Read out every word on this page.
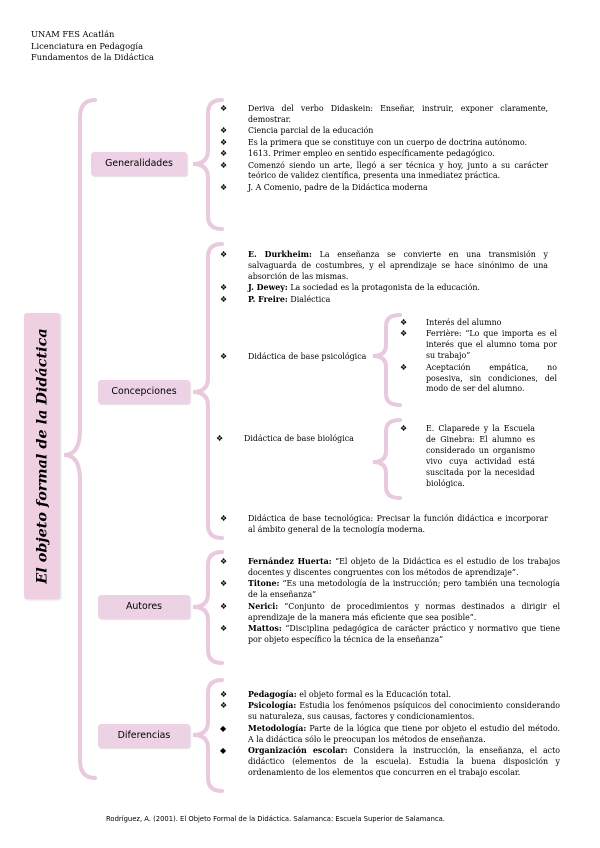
UNAM FES Acatlán
Licenciatura en Pedagogía
Fundamentos de la Didáctica
El objeto formal de la Didáctica
Generalidades
Concepciones
Autores
Diferencias
❖	Deriva del verbo Didaskein: Enseñar, instruir, exponer claramente, demostrar.
❖	Ciencia parcial de la educación
❖	Es la primera que se constituye con un cuerpo de doctrina autónomo.
❖	1613. Primer empleo en sentido específicamente pedagógico.
❖	Comenzó siendo un arte, llegó a ser técnica y hoy, junto a su carácter teórico de validez científica, presenta una inmediatez práctica.
❖	J. A Comenio, padre de la Didáctica moderna
❖	E. Durkheim: La enseñanza se convierte en una transmisión y salvaguarda de costumbres, y el aprendizaje se hace sinónimo de una absorción de las mismas.
❖	J. Dewey: La sociedad es la protagonista de la educación.
❖	P. Freire: Dialéctica
❖	Didáctica de base psicológica
❖ Interés del alumno
❖ Ferrière: “Lo que importa es el interés que el alumno toma por su trabajo”
❖ Aceptación empática, no posesiva, sin condiciones, del modo de ser del alumno.
❖	Didáctica de base biológica
❖ E. Claparede y la Escuela de Ginebra: El alumno es considerado un organismo vivo cuya actividad está suscitada por la necesidad biológica.
❖	Didáctica de base tecnológica: Precisar la función didáctica e incorporar al ámbito general de la tecnología moderna.
❖	Fernández Huerta: “El objeto de la Didáctica es el estudio de los trabajos docentes y discentes congruentes con los métodos de aprendizaje”.
❖	Titone: “Es una metodología de la instrucción; pero también una tecnología de la enseñanza”
❖	Nerici: “Conjunto de procedimientos y normas destinados a dirigir el aprendizaje de la manera más eficiente que sea posible”.
❖	Mattos: “Disciplina pedagógica de carácter práctico y normativo que tiene por objeto específico la técnica de la enseñanza”
❖	Pedagogía: el objeto formal es la Educación total.
❖	Psicología: Estudia los fenómenos psíquicos del conocimiento considerando su naturaleza, sus causas, factores y condicionamientos.
◆	Metodología: Parte de la lógica que tiene por objeto el estudio del método. A la didáctica sólo le preocupan los métodos de enseñanza.
◆	Organización escolar: Considera la instrucción, la enseñanza, el acto didáctico (elementos de la escuela). Estudia la buena disposición y ordenamiento de los elementos que concurren en el trabajo escolar.
Rodríguez, A. (2001). El Objeto Formal de la Didáctica. Salamanca: Escuela Superior de Salamanca.
